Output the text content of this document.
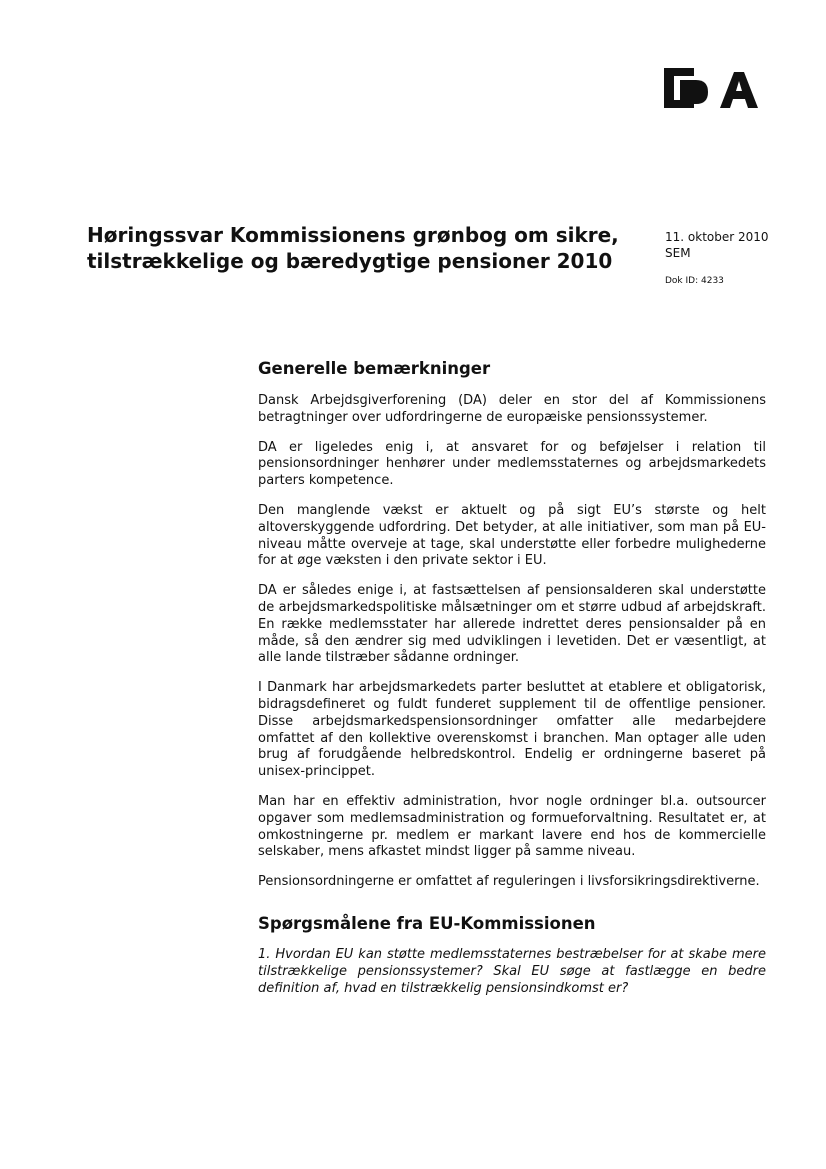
Høringssvar Kommissionens grønbog om sikre, tilstrækkelige og bæredygtige pensioner 2010
11. oktober 2010
SEM
Dok ID: 4233
Generelle bemærkninger

Dansk Arbejdsgiverforening (DA) deler en stor del af Kommissionens betragtninger over udfordringerne de europæiske pensionssystemer.

DA er ligeledes enig i, at ansvaret for og beføjelser i relation til pensionsordninger henhører under medlemsstaternes og arbejdsmarkedets parters kompetence.

Den manglende vækst er aktuelt og på sigt EU’s største og helt altoverskyggende udfordring. Det betyder, at alle initiativer, som man på EU-niveau måtte overveje at tage, skal understøtte eller forbedre mulighederne for at øge væksten i den private sektor i EU.

DA er således enige i, at fastsættelsen af pensionsalderen skal understøtte de arbejdsmarkedspolitiske målsætninger om et større udbud af arbejdskraft. En række medlemsstater har allerede indrettet deres pensionsalder på en måde, så den ændrer sig med udviklingen i levetiden. Det er væsentligt, at alle lande tilstræber sådanne ordninger.

I Danmark har arbejdsmarkedets parter besluttet at etablere et obligatorisk, bidragsdefineret og fuldt funderet supplement til de offentlige pensioner. Disse arbejdsmarkedspensionsordninger omfatter alle medarbejdere omfattet af den kollektive overenskomst i branchen. Man optager alle uden brug af forudgående helbredskontrol. Endelig er ordningerne baseret på unisex-princippet.

Man har en effektiv administration, hvor nogle ordninger bl.a. outsourcer opgaver som medlemsadministration og formueforvaltning. Resultatet er, at omkostningerne pr. medlem er markant lavere end hos de kommercielle selskaber, mens afkastet mindst ligger på samme niveau.

Pensionsordningerne er omfattet af reguleringen i livsforsikringsdirektiverne.

Spørgsmålene fra EU-Kommissionen

1. Hvordan EU kan støtte medlemsstaternes bestræbelser for at skabe mere tilstrækkelige pensionssystemer? Skal EU søge at fastlægge en bedre definition af, hvad en tilstrækkelig pensionsindkomst er?
